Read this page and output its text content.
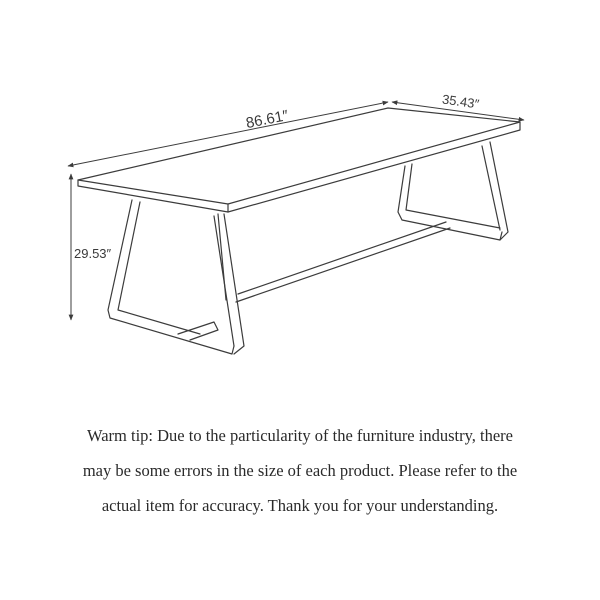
86.61″
35.43″
29.53″
Warm tip: Due to the particularity of the furniture industry, there
may be some errors in the size of each product. Please refer to the
actual item for accuracy. Thank you for your understanding.
